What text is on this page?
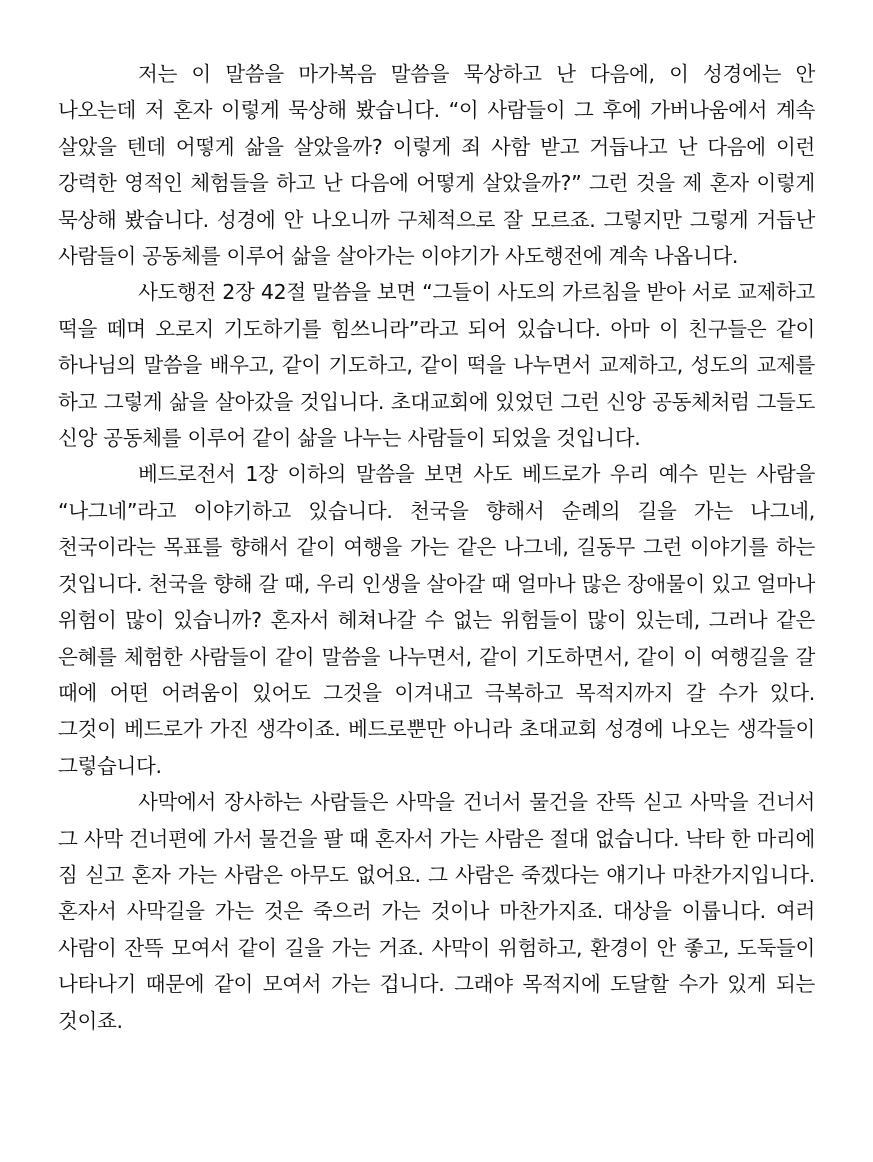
저는 이 말씀을 마가복음 말씀을 묵상하고 난 다음에, 이 성경에는 안 나오는데 저 혼자 이렇게 묵상해 봤습니다. “이 사람들이 그 후에 가버나움에서 계속 살았을 텐데 어떻게 삶을 살았을까? 이렇게 죄 사함 받고 거듭나고 난 다음에 이런 강력한 영적인 체험들을 하고 난 다음에 어떻게 살았을까?” 그런 것을 제 혼자 이렇게 묵상해 봤습니다. 성경에 안 나오니까 구체적으로 잘 모르죠. 그렇지만 그렇게 거듭난 사람들이 공동체를 이루어 삶을 살아가는 이야기가 사도행전에 계속 나옵니다.

사도행전 2장 42절 말씀을 보면 “그들이 사도의 가르침을 받아 서로 교제하고 떡을 떼며 오로지 기도하기를 힘쓰니라”라고 되어 있습니다. 아마 이 친구들은 같이 하나님의 말씀을 배우고, 같이 기도하고, 같이 떡을 나누면서 교제하고, 성도의 교제를 하고 그렇게 삶을 살아갔을 것입니다. 초대교회에 있었던 그런 신앙 공동체처럼 그들도 신앙 공동체를 이루어 같이 삶을 나누는 사람들이 되었을 것입니다.

베드로전서 1장 이하의 말씀을 보면 사도 베드로가 우리 예수 믿는 사람을 “나그네”라고 이야기하고 있습니다. 천국을 향해서 순례의 길을 가는 나그네, 천국이라는 목표를 향해서 같이 여행을 가는 같은 나그네, 길동무 그런 이야기를 하는 것입니다. 천국을 향해 갈 때, 우리 인생을 살아갈 때 얼마나 많은 장애물이 있고 얼마나 위험이 많이 있습니까? 혼자서 헤쳐나갈 수 없는 위험들이 많이 있는데, 그러나 같은 은혜를 체험한 사람들이 같이 말씀을 나누면서, 같이 기도하면서, 같이 이 여행길을 갈 때에 어떤 어려움이 있어도 그것을 이겨내고 극복하고 목적지까지 갈 수가 있다. 그것이 베드로가 가진 생각이죠. 베드로뿐만 아니라 초대교회 성경에 나오는 생각들이 그렇습니다.

사막에서 장사하는 사람들은 사막을 건너서 물건을 잔뜩 싣고 사막을 건너서 그 사막 건너편에 가서 물건을 팔 때 혼자서 가는 사람은 절대 없습니다. 낙타 한 마리에 짐 싣고 혼자 가는 사람은 아무도 없어요. 그 사람은 죽겠다는 얘기나 마찬가지입니다. 혼자서 사막길을 가는 것은 죽으러 가는 것이나 마찬가지죠. 대상을 이룹니다. 여러 사람이 잔뜩 모여서 같이 길을 가는 거죠. 사막이 위험하고, 환경이 안 좋고, 도둑들이 나타나기 때문에 같이 모여서 가는 겁니다. 그래야 목적지에 도달할 수가 있게 되는 것이죠.
